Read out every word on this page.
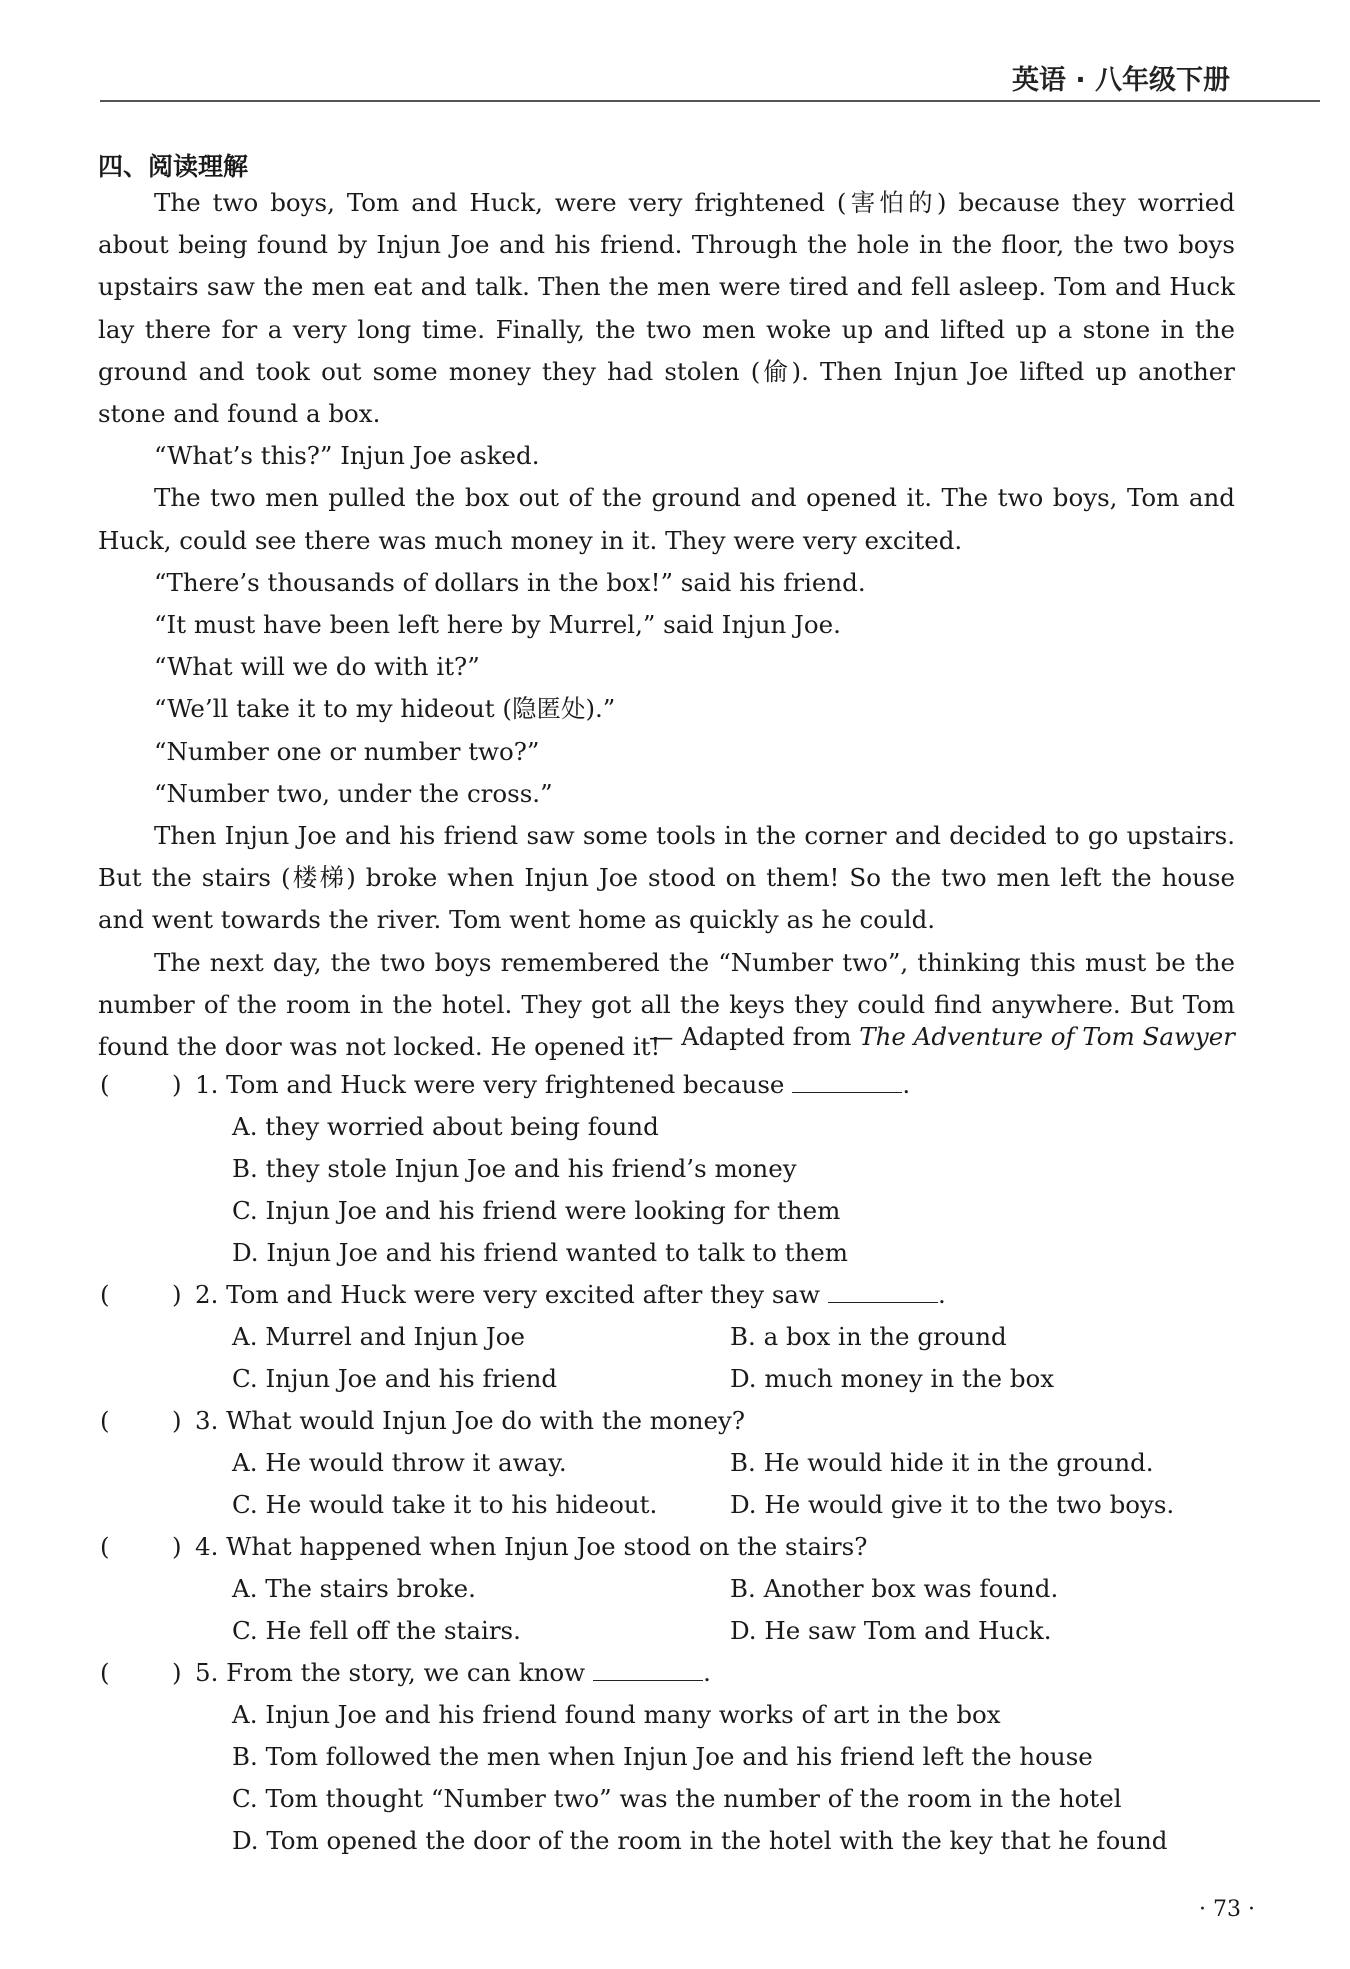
英语 · 八年级下册
四、阅读理解

The two boys, Tom and Huck, were very frightened (害怕的) because they worried about being found by Injun Joe and his friend. Through the hole in the floor, the two boys upstairs saw the men eat and talk. Then the men were tired and fell asleep. Tom and Huck lay there for a very long time. Finally, the two men woke up and lifted up a stone in the ground and took out some money they had stolen (偷). Then Injun Joe lifted up another stone and found a box.

“What’s this?” Injun Joe asked.

The two men pulled the box out of the ground and opened it. The two boys, Tom and Huck, could see there was much money in it. They were very excited.

“There’s thousands of dollars in the box!” said his friend.

“It must have been left here by Murrel,” said Injun Joe.

“What will we do with it?”

“We’ll take it to my hideout (隐匿处).”

“Number one or number two?”

“Number two, under the cross.”

Then Injun Joe and his friend saw some tools in the corner and decided to go upstairs. But the stairs (楼梯) broke when Injun Joe stood on them! So the two men left the house and went towards the river. Tom went home as quickly as he could.

The next day, the two boys remembered the “Number two”, thinking this must be the number of the room in the hotel. They got all the keys they could find anywhere. But Tom found the door was not locked. He opened it!

— Adapted from The Adventure of Tom Sawyer
(	) 1. Tom and Huck were very frightened because	.
A. they worried about being found
B. they stole Injun Joe and his friend’s money
C. Injun Joe and his friend were looking for them
D. Injun Joe and his friend wanted to talk to them
(	) 2. Tom and Huck were very excited after they saw	.
A. Murrel and Injun Joe	B. a box in the ground
C. Injun Joe and his friend	D. much money in the box
(	) 3. What would Injun Joe do with the money?
A. He would throw it away.	B. He would hide it in the ground.
C. He would take it to his hideout.	D. He would give it to the two boys.
(	) 4. What happened when Injun Joe stood on the stairs?
A. The stairs broke.	B. Another box was found.
C. He fell off the stairs.	D. He saw Tom and Huck.
(	) 5. From the story, we can know	.
A. Injun Joe and his friend found many works of art in the box
B. Tom followed the men when Injun Joe and his friend left the house
C. Tom thought “Number two” was the number of the room in the hotel
D. Tom opened the door of the room in the hotel with the key that he found
· 73 ·
